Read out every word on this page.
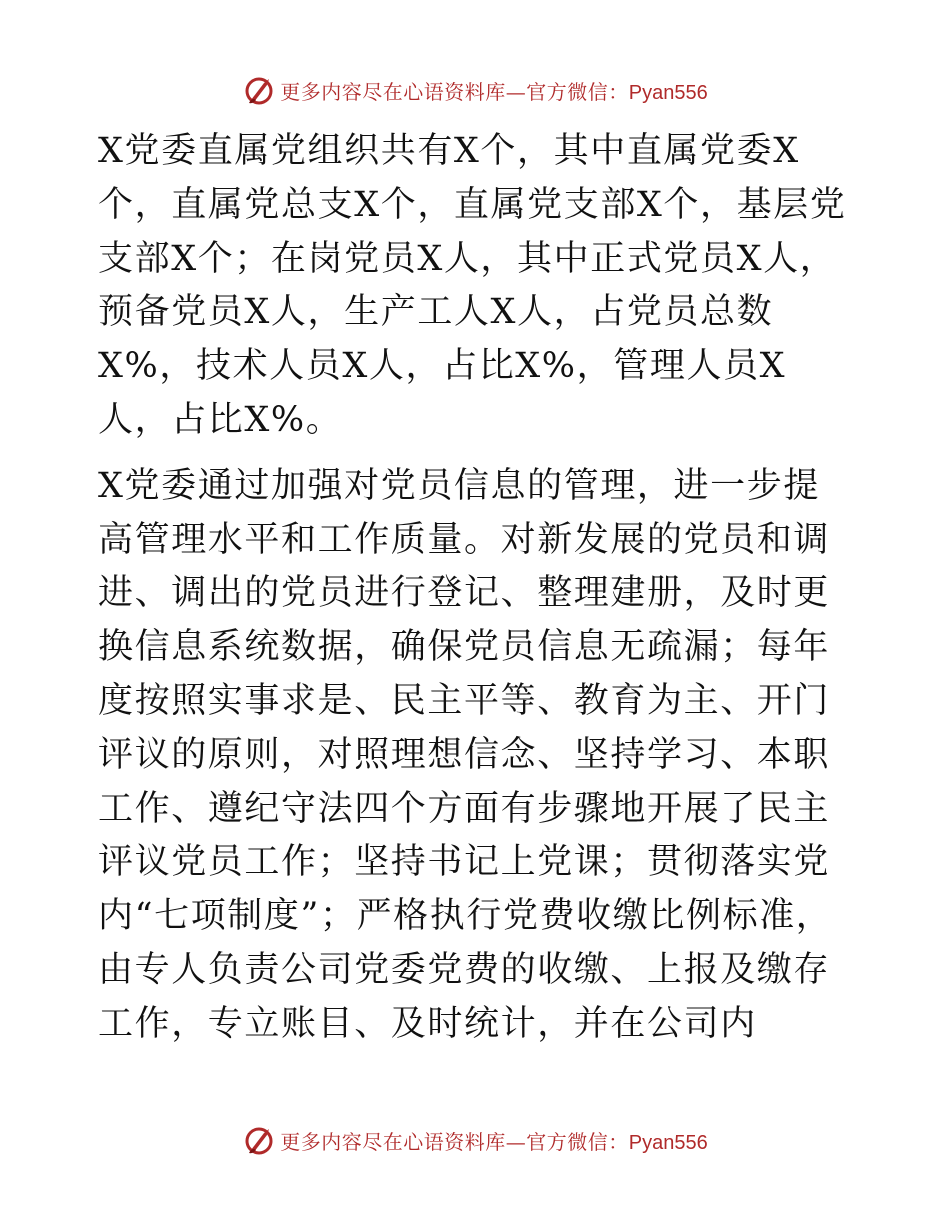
更多内容尽在心语资料库—官方微信：Pyan556

X党委直属党组织共有X个，其中直属党委X个，直属党总支X个，直属党支部X个，基层党支部X个；在岗党员X人，其中正式党员X人，预备党员X人，生产工人X人，占党员总数X%，技术人员X人，占比X%，管理人员X人，占比X%。

X党委通过加强对党员信息的管理，进一步提高管理水平和工作质量。对新发展的党员和调进、调出的党员进行登记、整理建册，及时更换信息系统数据，确保党员信息无疏漏；每年度按照实事求是、民主平等、教育为主、开门评议的原则，对照理想信念、坚持学习、本职工作、遵纪守法四个方面有步骤地开展了民主评议党员工作；坚持书记上党课；贯彻落实党内“七项制度”；严格执行党费收缴比例标准，由专人负责公司党委党费的收缴、上报及缴存工作，专立账目、及时统计，并在公司内

更多内容尽在心语资料库—官方微信：Pyan556
